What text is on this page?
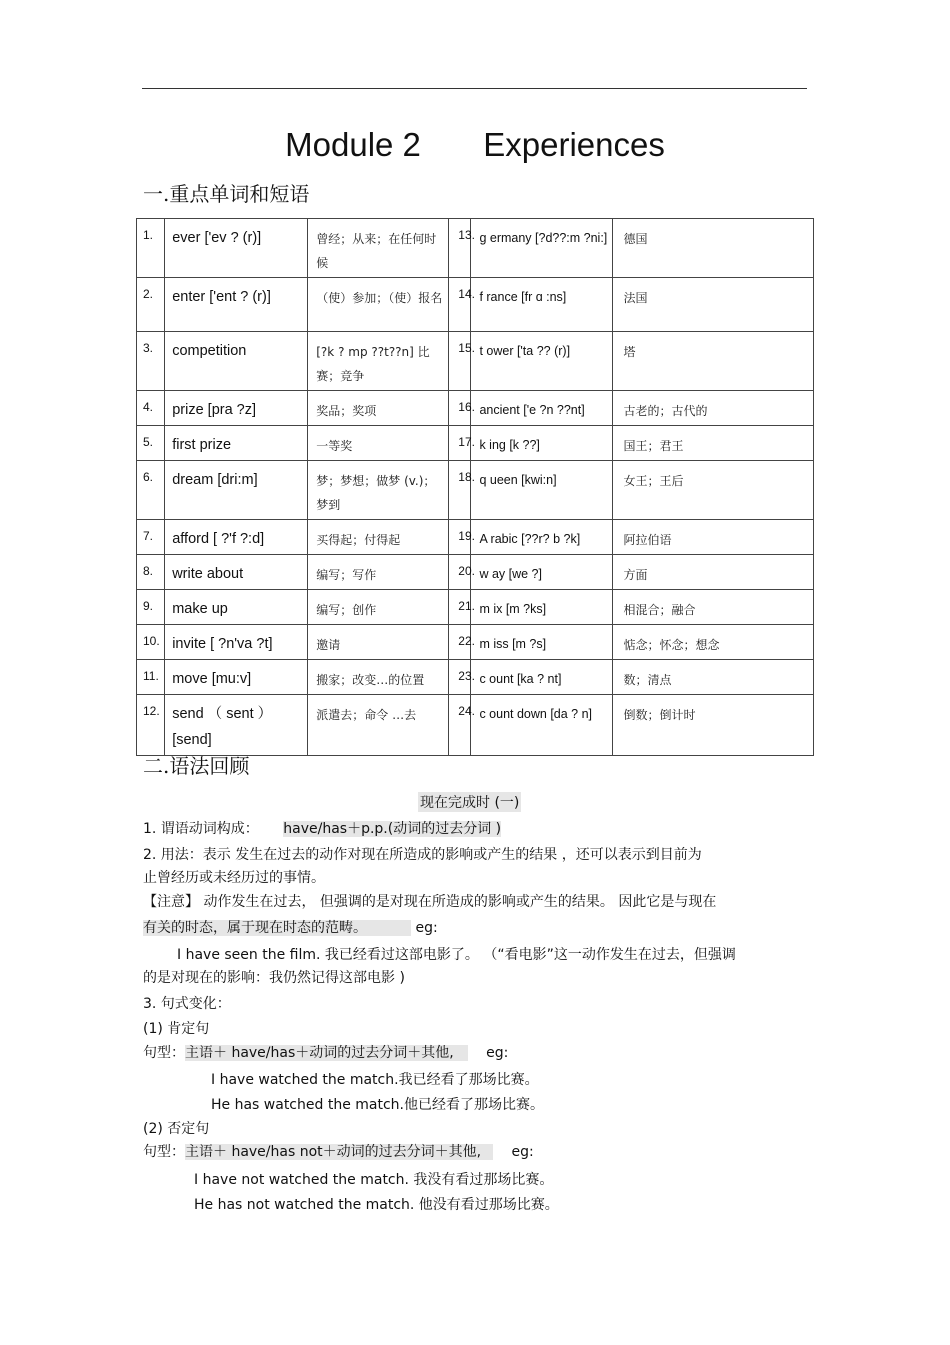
Module 2 Experiences
一.重点单词和短语
1.	ever ['ev ? (r)]	曾经；从来；在任何时候	13.	g ermany [?d??:m ?ni:]	德国

2.	enter ['ent ? (r)]	（使）参加；（使）报名	14.	f rance [fr ɑ :ns]	法国

3.	competition	[?k ? mp ??t??n] 比赛；竞争	15.	t ower ['ta ?? (r)]	塔

4.	prize [pra ?z]	奖品；奖项	16.	ancient ['e ?n ??nt]	古老的；古代的

5.	first prize	一等奖	17.	k ing [k ??]	国王；君王

6.	dream [dri:m]	梦；梦想；做梦 (v.)；梦到	18.	q ueen [kwi:n]	女王；王后

7.	afford [ ?'f ?:d]	买得起；付得起	19.	A rabic [??r? b ?k]	阿拉伯语

8.	write about	编写；写作	20.	w ay [we ?]	方面

9.	make up	编写；创作	21.	m ix [m ?ks]	相混合；融合

10.	invite [ ?n'va ?t]	邀请	22.	m iss [m ?s]	惦念；怀念；想念

11.	move [mu:v]	搬家；改变…的位置	23.	c ount [ka ? nt]	数；清点

12.	send （ sent ） [send]	派遣去；命令 …去	24.	c ount down [da ? n]	倒数；倒计时
二.语法回顾
现在完成时 (一)
1. 谓语动词构成： have/has＋p.p.(动词的过去分词 )
2. 用法：表示 发生在过去的动作对现在所造成的影响或产生的结果 ，还可以表示到目前为
止曾经历或未经历过的事情。
【注意】 动作发生在过去， 但强调的是对现在所造成的影响或产生的结果。 因此它是与现在
有关的时态，属于现在时态的范畴。	eg:
I have seen the film. 我已经看过这部电影了。 （“看电影”这一动作发生在过去，但强调
的是对现在的影响：我仍然记得这部电影 )
3. 句式变化：
(1) 肯定句
句型：主语＋ have/has＋动词的过去分词＋其他, eg:
I have watched the match.我已经看了那场比赛。
He has watched the match.他已经看了那场比赛。
(2) 否定句
句型：主语＋ have/has not＋动词的过去分词＋其他, eg:
I have not watched the match. 我没有看过那场比赛。
He has not watched the match. 他没有看过那场比赛。
